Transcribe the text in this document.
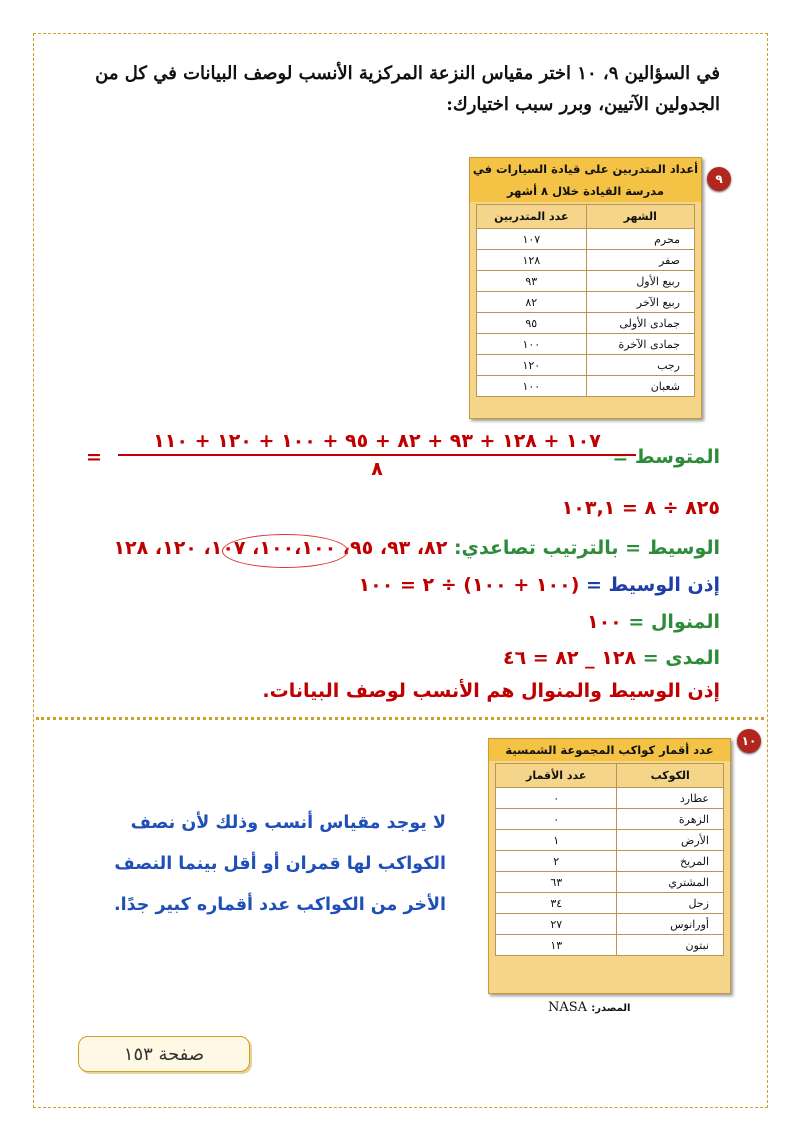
في السؤالين ٩، ١٠ اختر مقياس النزعة المركزية الأنسب لوصف البيانات في كل من الجدولين الآتيين، وبرر سبب اختيارك:
٩
أعداد المتدربين على قيادة السيارات في مدرسة القيادة خلال ٨ أشهر
الشهر	عدد المتدربين
محرم	١٠٧
صفر	١٢٨
ربيع الأول	٩٣
ربيع الآخر	٨٢
جمادى الأولى	٩٥
جمادى الآخرة	١٠٠
رجب	١٢٠
شعبان	١٠٠
المتوسط =
١٠٧ + ١٢٨ + ٩٣ + ٨٢ + ٩٥ + ١٠٠ + ١٢٠ + ١١٠
٨
=
٨٢٥ ÷ ٨ = ١٠٣,١
الوسيط = بالترتيب تصاعدي: ٨٢، ٩٣، ٩٥، ١٠٠،١٠٠، ١٠٧، ١٢٠، ١٢٨
إذن الوسيط = (١٠٠ + ١٠٠) ÷ ٢ = ١٠٠
المنوال = ١٠٠
المدى = ١٢٨ _ ٨٢ = ٤٦
إذن الوسيط والمنوال هم الأنسب لوصف البيانات.
١٠
عدد أقمار كواكب المجموعة الشمسية
الكوكب	عدد الأقمار
عطارد	٠
الزهرة	٠
الأرض	١
المريخ	٢
المشتري	٦٣
زحل	٣٤
أورانوس	٢٧
نبتون	١٣
المصدر: NASA
لا يوجد مقياس أنسب وذلك لأن نصف الكواكب لها قمران أو أقل بينما النصف الأخر من الكواكب عدد أقماره كبير جدًا.
صفحة ١٥٣
